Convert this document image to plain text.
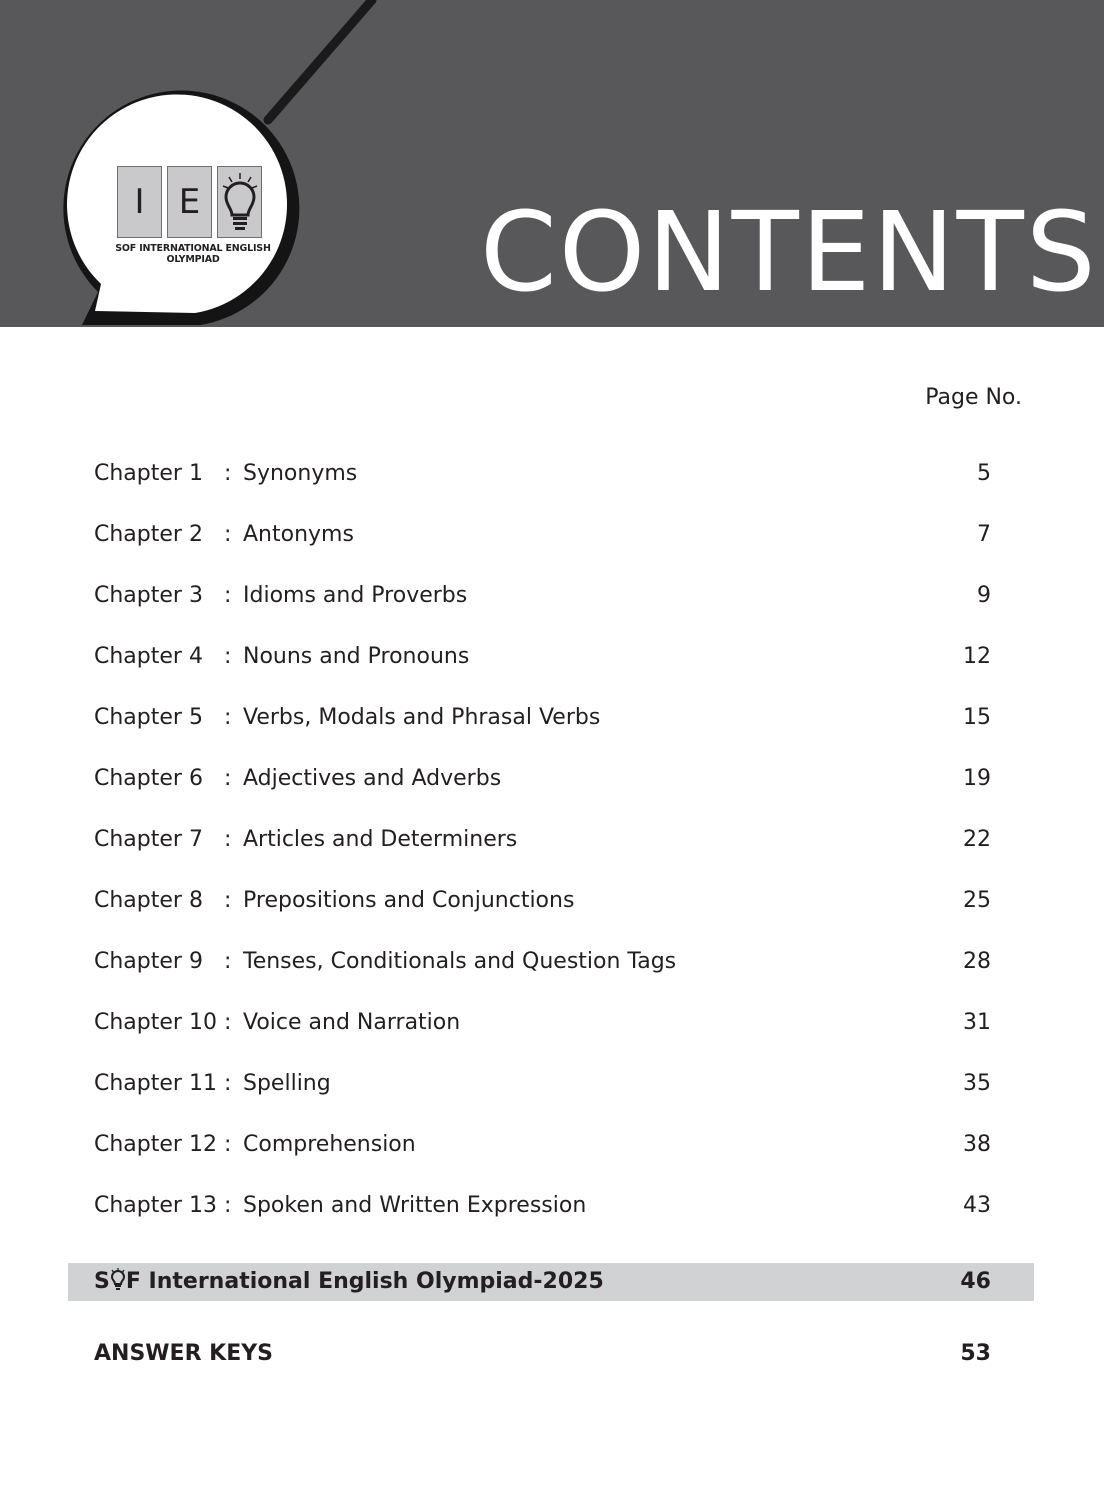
I E
SOF INTERNATIONAL ENGLISH
OLYMPIAD	CONTENTS
Page No.
Chapter 1 : Synonyms	5
Chapter 2 : Antonyms	7
Chapter 3 : Idioms and Proverbs	9
Chapter 4 : Nouns and Pronouns	12
Chapter 5 : Verbs, Modals and Phrasal Verbs	15
Chapter 6 : Adjectives and Adverbs	19
Chapter 7 : Articles and Determiners	22
Chapter 8 : Prepositions and Conjunctions	25
Chapter 9 : Tenses, Conditionals and Question Tags	28
Chapter 10 : Voice and Narration	31
Chapter 11 : Spelling	35
Chapter 12 : Comprehension	38
Chapter 13 : Spoken and Written Expression	43
S F International English Olympiad-2025	46
ANSWER KEYS	53
